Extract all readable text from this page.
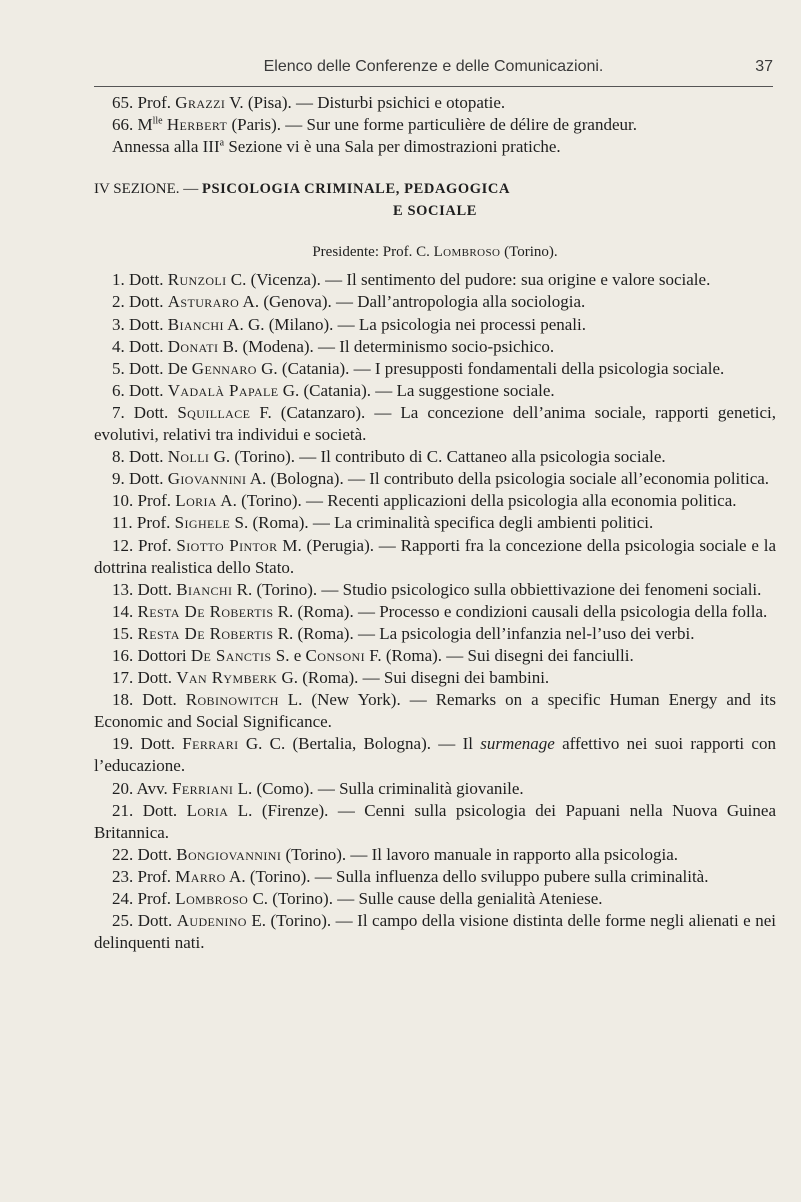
Elenco delle Conferenze e delle Comunicazioni.	37

65. Prof. Grazzi V. (Pisa). — Disturbi psichici e otopatie.

66. $M^{lle}$ Herbert (Paris). — Sur une forme particulière de délire de grandeur.

Annessa alla III$^a$ Sezione vi è una Sala per dimostrazioni pratiche.

IV SEZIONE. — PSICOLOGIA CRIMINALE, PEDAGOGICA
E SOCIALE

Presidente: Prof. C. Lombroso (Torino).

1. Dott. Runzoli C. (Vicenza). — Il sentimento del pudore: sua origine e valore sociale.

2. Dott. Asturaro A. (Genova). — Dall’antropologia alla sociologia.

3. Dott. Bianchi A. G. (Milano). — La psicologia nei processi penali.

4. Dott. Donati B. (Modena). — Il determinismo socio-psichico.

5. Dott. De Gennaro G. (Catania). — I presupposti fondamentali della psicologia sociale.

6. Dott. Vadalà Papale G. (Catania). — La suggestione sociale.

7. Dott. Squillace F. (Catanzaro). — La concezione dell’anima sociale, rapporti genetici, evolutivi, relativi tra individui e società.

8. Dott. Nolli G. (Torino). — Il contributo di C. Cattaneo alla psicologia sociale.

9. Dott. Giovannini A. (Bologna). — Il contributo della psicologia sociale all’economia politica.

10. Prof. Loria A. (Torino). — Recenti applicazioni della psicologia alla economia politica.

11. Prof. Sighele S. (Roma). — La criminalità specifica degli ambienti politici.

12. Prof. Siotto Pintor M. (Perugia). — Rapporti fra la concezione della psicologia sociale e la dottrina realistica dello Stato.

13. Dott. Bianchi R. (Torino). — Studio psicologico sulla obbiettivazione dei fenomeni sociali.

14. Resta De Robertis R. (Roma). — Processo e condizioni causali della psicologia della folla.

15. Resta De Robertis R. (Roma). — La psicologia dell’infanzia nel-l’uso dei verbi.

16. Dottori De Sanctis S. e Consoni F. (Roma). — Sui disegni dei fanciulli.

17. Dott. Van Rymberk G. (Roma). — Sui disegni dei bambini.

18. Dott. Robinowitch L. (New York). — Remarks on a specific Human Energy and its Economic and Social Significance.

19. Dott. Ferrari G. C. (Bertalia, Bologna). — Il surmenage affettivo nei suoi rapporti con l’educazione.

20. Avv. Ferriani L. (Como). — Sulla criminalità giovanile.

21. Dott. Loria L. (Firenze). — Cenni sulla psicologia dei Papuani nella Nuova Guinea Britannica.

22. Dott. Bongiovannini (Torino). — Il lavoro manuale in rapporto alla psicologia.

23. Prof. Marro A. (Torino). — Sulla influenza dello sviluppo pubere sulla criminalità.

24. Prof. Lombroso C. (Torino). — Sulle cause della genialità Ateniese.

25. Dott. Audenino E. (Torino). — Il campo della visione distinta delle forme negli alienati e nei delinquenti nati.
